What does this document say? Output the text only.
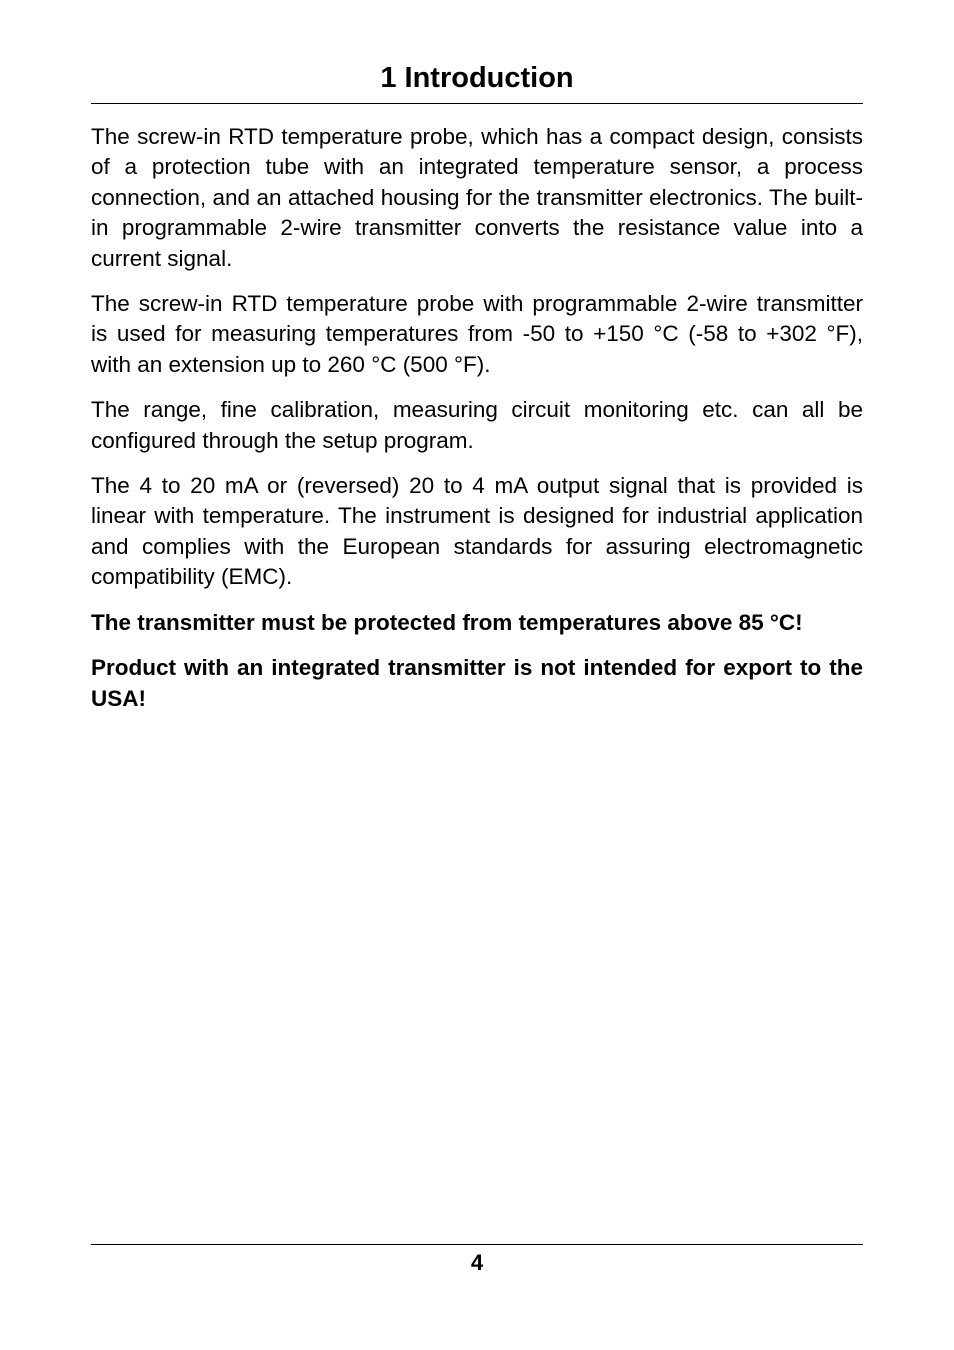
1 Introduction

The screw-in RTD temperature probe, which has a compact design, consists of a protection tube with an integrated temperature sensor, a process connection, and an attached housing for the transmitter electronics. The built-in programmable 2-wire transmitter converts the resistance value into a current signal.

The screw-in RTD temperature probe with programmable 2-wire transmitter is used for measuring temperatures from -50 to +150 °C (-58 to +302 °F), with an extension up to 260 °C (500 °F).

The range, fine calibration, measuring circuit monitoring etc. can all be configured through the setup program.

The 4 to 20 mA or (reversed) 20 to 4 mA output signal that is provided is linear with temperature. The instrument is designed for industrial application and complies with the European standards for assuring electromagnetic compatibility (EMC).

The transmitter must be protected from temperatures above 85 °C!

Product with an integrated transmitter is not intended for export to the USA!

4
